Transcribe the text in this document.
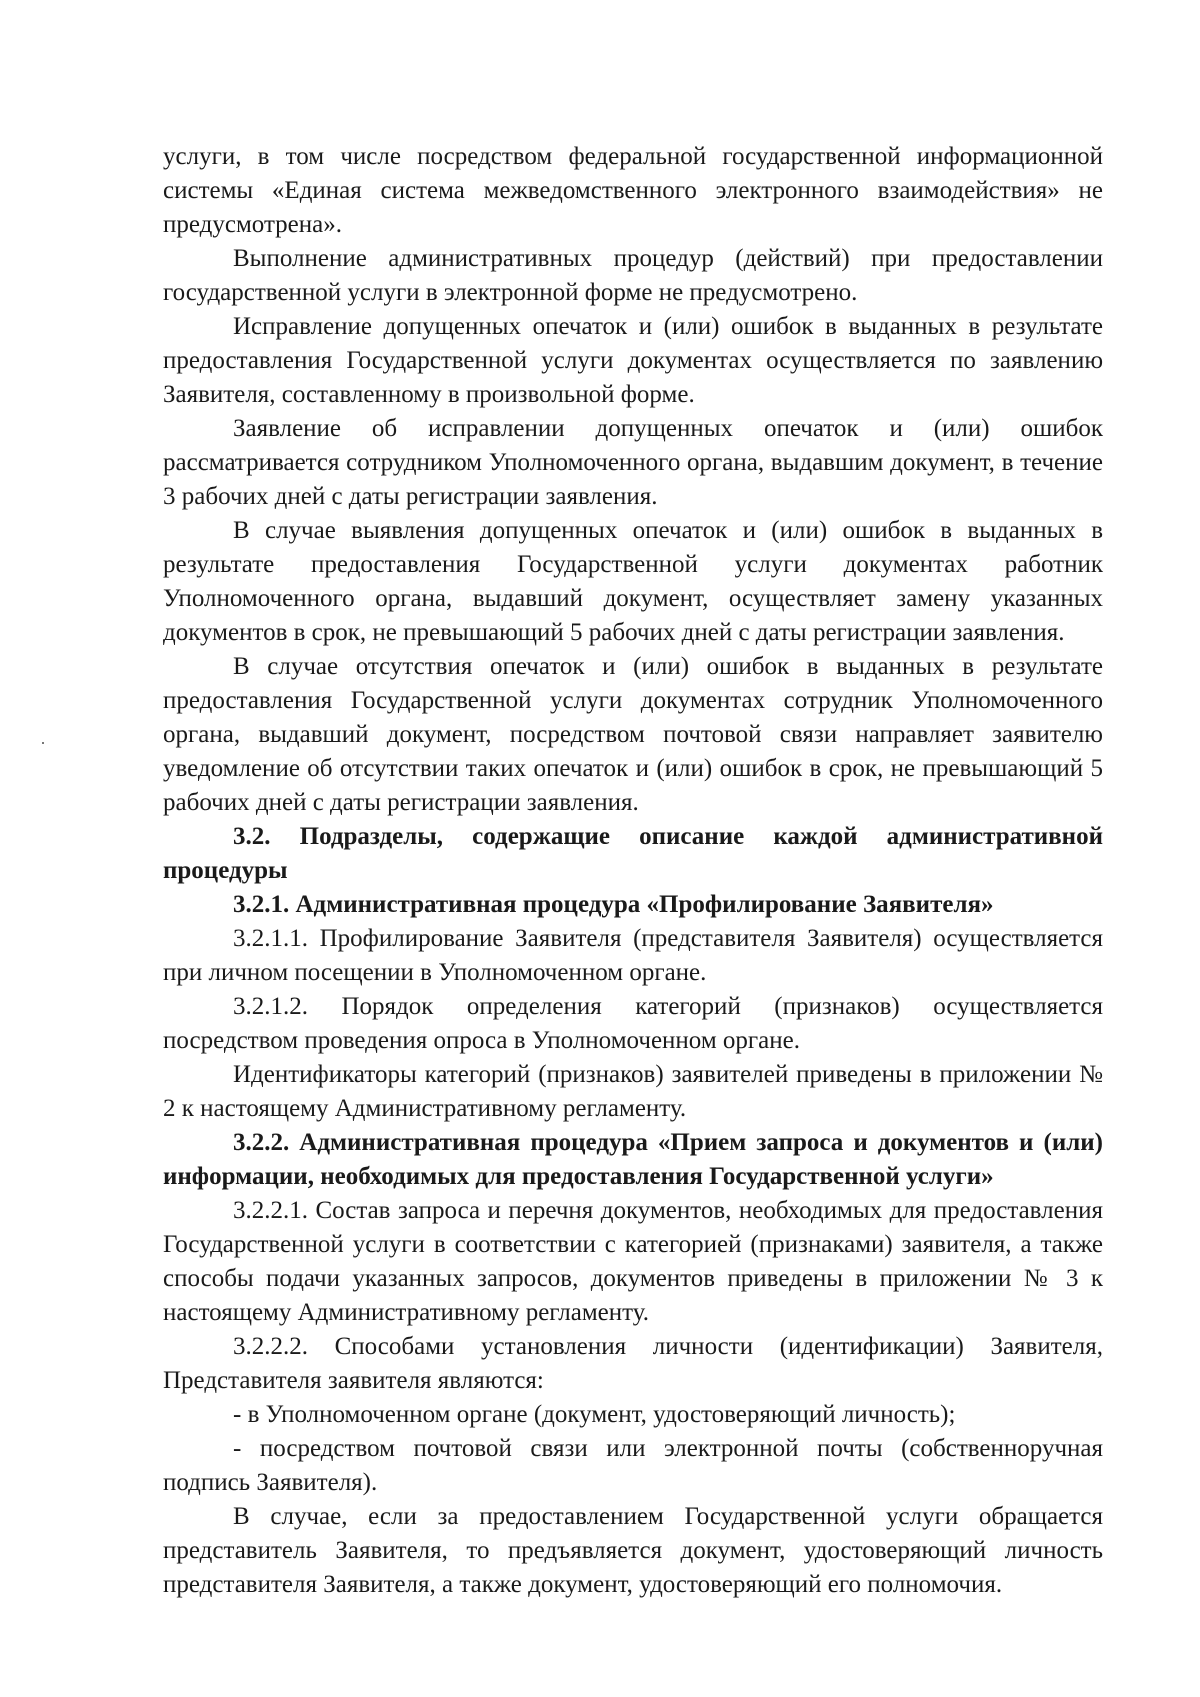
услуги, в том числе посредством федеральной государственной информационной системы «Единая система межведомственного электронного взаимодействия» не предусмотрена».

Выполнение административных процедур (действий) при предоставлении государственной услуги в электронной форме не предусмотрено.

Исправление допущенных опечаток и (или) ошибок в выданных в результате предоставления Государственной услуги документах осуществляется по заявлению Заявителя, составленному в произвольной форме.

Заявление об исправлении допущенных опечаток и (или) ошибок рассматривается сотрудником Уполномоченного органа, выдавшим документ, в течение 3 рабочих дней с даты регистрации заявления.

В случае выявления допущенных опечаток и (или) ошибок в выданных в результате предоставления Государственной услуги документах работник Уполномоченного органа, выдавший документ, осуществляет замену указанных документов в срок, не превышающий 5 рабочих дней с даты регистрации заявления.

В случае отсутствия опечаток и (или) ошибок в выданных в результате предоставления Государственной услуги документах сотрудник Уполномоченного органа, выдавший документ, посредством почтовой связи направляет заявителю уведомление об отсутствии таких опечаток и (или) ошибок в срок, не превышающий 5 рабочих дней с даты регистрации заявления.

3.2. Подразделы, содержащие описание каждой административной процедуры

3.2.1. Административная процедура «Профилирование Заявителя»

3.2.1.1. Профилирование Заявителя (представителя Заявителя) осуществляется при личном посещении в Уполномоченном органе.

3.2.1.2. Порядок определения категорий (признаков) осуществляется посредством проведения опроса в Уполномоченном органе.

Идентификаторы категорий (признаков) заявителей приведены в приложении № 2 к настоящему Административному регламенту.

3.2.2. Административная процедура «Прием запроса и документов и (или) информации, необходимых для предоставления Государственной услуги»

3.2.2.1. Состав запроса и перечня документов, необходимых для предоставления Государственной услуги в соответствии с категорией (признаками) заявителя, а также способы подачи указанных запросов, документов приведены в приложении № 3 к настоящему Административному регламенту.

3.2.2.2. Способами установления личности (идентификации) Заявителя, Представителя заявителя являются:

- в Уполномоченном органе (документ, удостоверяющий личность);

- посредством почтовой связи или электронной почты (собственноручная подпись Заявителя).

В случае, если за предоставлением Государственной услуги обращается представитель Заявителя, то предъявляется документ, удостоверяющий личность представителя Заявителя, а также документ, удостоверяющий его полномочия.
